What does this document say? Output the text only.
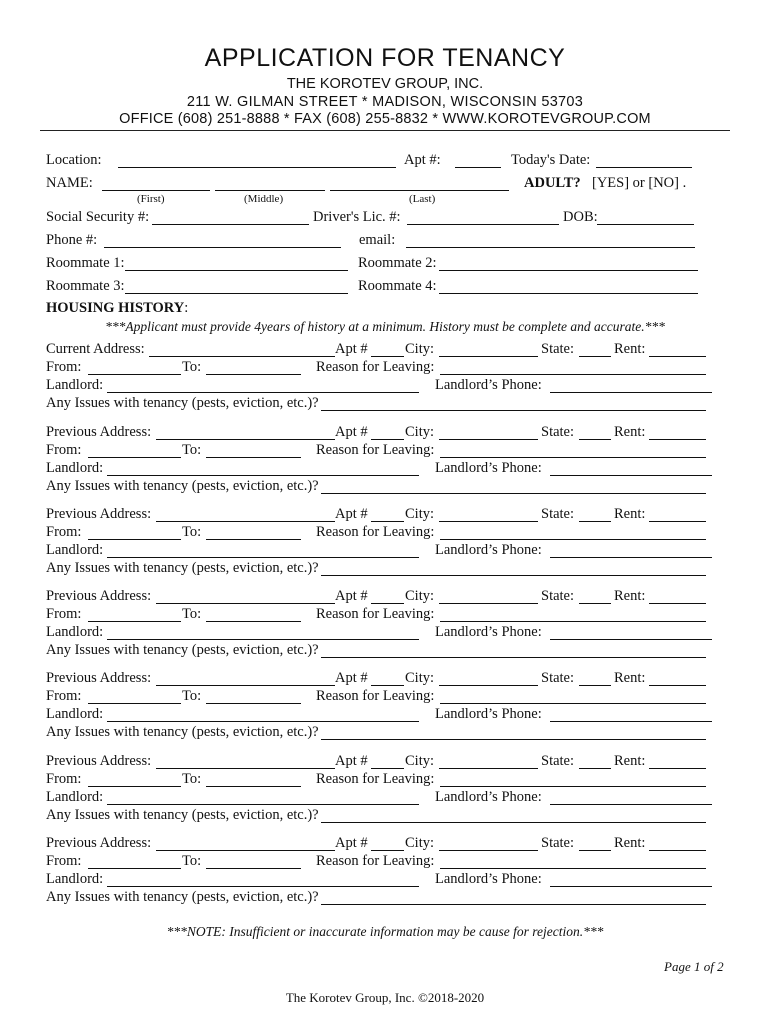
APPLICATION FOR TENANCY
THE KOROTEV GROUP, INC.
211 W. GILMAN STREET * MADISON, WISCONSIN 53703
OFFICE (608) 251-8888 * FAX (608) 255-8832 * WWW.KOROTEVGROUP.COM
Location:	Apt #:	Today's Date:
NAME:	ADULT? [YES] or [NO] .
(First)	(Middle)	(Last)
Social Security #:	Driver's Lic. #:	DOB:
Phone #:	email:
Roommate 1:	Roommate 2:
Roommate 3:	Roommate 4:
HOUSING HISTORY:
***Applicant must provide 4years of history at a minimum. History must be complete and accurate.***
Current Address:	Apt #	City:	State:	Rent:
From:	To:	Reason for Leaving:
Landlord:	Landlord’s Phone:
Any Issues with tenancy (pests, eviction, etc.)?
Previous Address:	Apt #	City:	State:	Rent:
From:	To:	Reason for Leaving:
Landlord:	Landlord’s Phone:
Any Issues with tenancy (pests, eviction, etc.)?
Previous Address:	Apt #	City:	State:	Rent:
From:	To:	Reason for Leaving:
Landlord:	Landlord’s Phone:
Any Issues with tenancy (pests, eviction, etc.)?
Previous Address:	Apt #	City:	State:	Rent:
From:	To:	Reason for Leaving:
Landlord:	Landlord’s Phone:
Any Issues with tenancy (pests, eviction, etc.)?
Previous Address:	Apt #	City:	State:	Rent:
From:	To:	Reason for Leaving:
Landlord:	Landlord’s Phone:
Any Issues with tenancy (pests, eviction, etc.)?
Previous Address:	Apt #	City:	State:	Rent:
From:	To:	Reason for Leaving:
Landlord:	Landlord’s Phone:
Any Issues with tenancy (pests, eviction, etc.)?
Previous Address:	Apt #	City:	State:	Rent:
From:	To:	Reason for Leaving:
Landlord:	Landlord’s Phone:
Any Issues with tenancy (pests, eviction, etc.)?
***NOTE: Insufficient or inaccurate information may be cause for rejection.***
Page 1 of 2
The Korotev Group, Inc. ©2018-2020
